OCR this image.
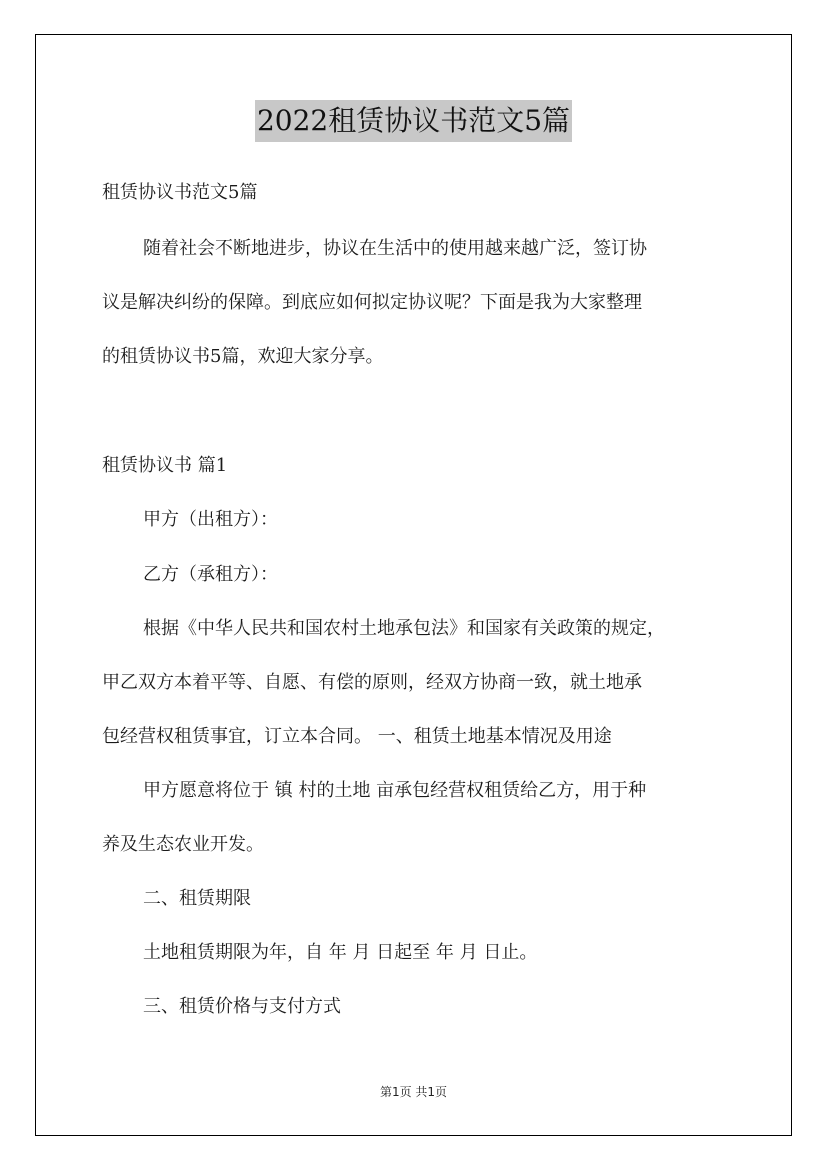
2022租赁协议书范文5篇
租赁协议书范文5篇
随着社会不断地进步，协议在生活中的使用越来越广泛，签订协
议是解决纠纷的保障。到底应如何拟定协议呢？下面是我为大家整理
的租赁协议书5篇，欢迎大家分享。
租赁协议书 篇1
甲方（出租方）：
乙方（承租方）：
根据《中华人民共和国农村土地承包法》和国家有关政策的规定，
甲乙双方本着平等、自愿、有偿的原则，经双方协商一致，就土地承
包经营权租赁事宜，订立本合同。 一、租赁土地基本情况及用途
甲方愿意将位于 镇 村的土地 亩承包经营权租赁给乙方，用于种
养及生态农业开发。
二、租赁期限
土地租赁期限为年，自 年 月 日起至 年 月 日止。
三、租赁价格与支付方式
第1页 共1页
